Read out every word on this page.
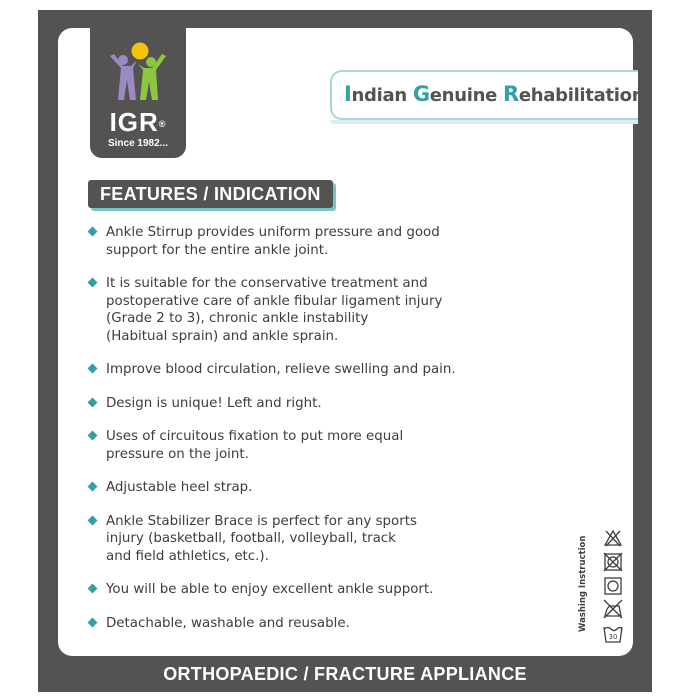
IGR®
Since 1982...
Indian Genuine Rehabilitation
FEATURES / INDICATION
Ankle Stirrup provides uniform pressure and good
support for the entire ankle joint.
It is suitable for the conservative treatment and
postoperative care of ankle fibular ligament injury
(Grade 2 to 3), chronic ankle instability
(Habitual sprain) and ankle sprain.
Improve blood circulation, relieve swelling and pain.
Design is unique! Left and right.
Uses of circuitous fixation to put more equal
pressure on the joint.
Adjustable heel strap.
Ankle Stabilizer Brace is perfect for any sports
injury (basketball, football, volleyball, track
and field athletics, etc.).
You will be able to enjoy excellent ankle support.
Detachable, washable and reusable.	Washing Instruction
30
ORTHOPAEDIC / FRACTURE APPLIANCE
